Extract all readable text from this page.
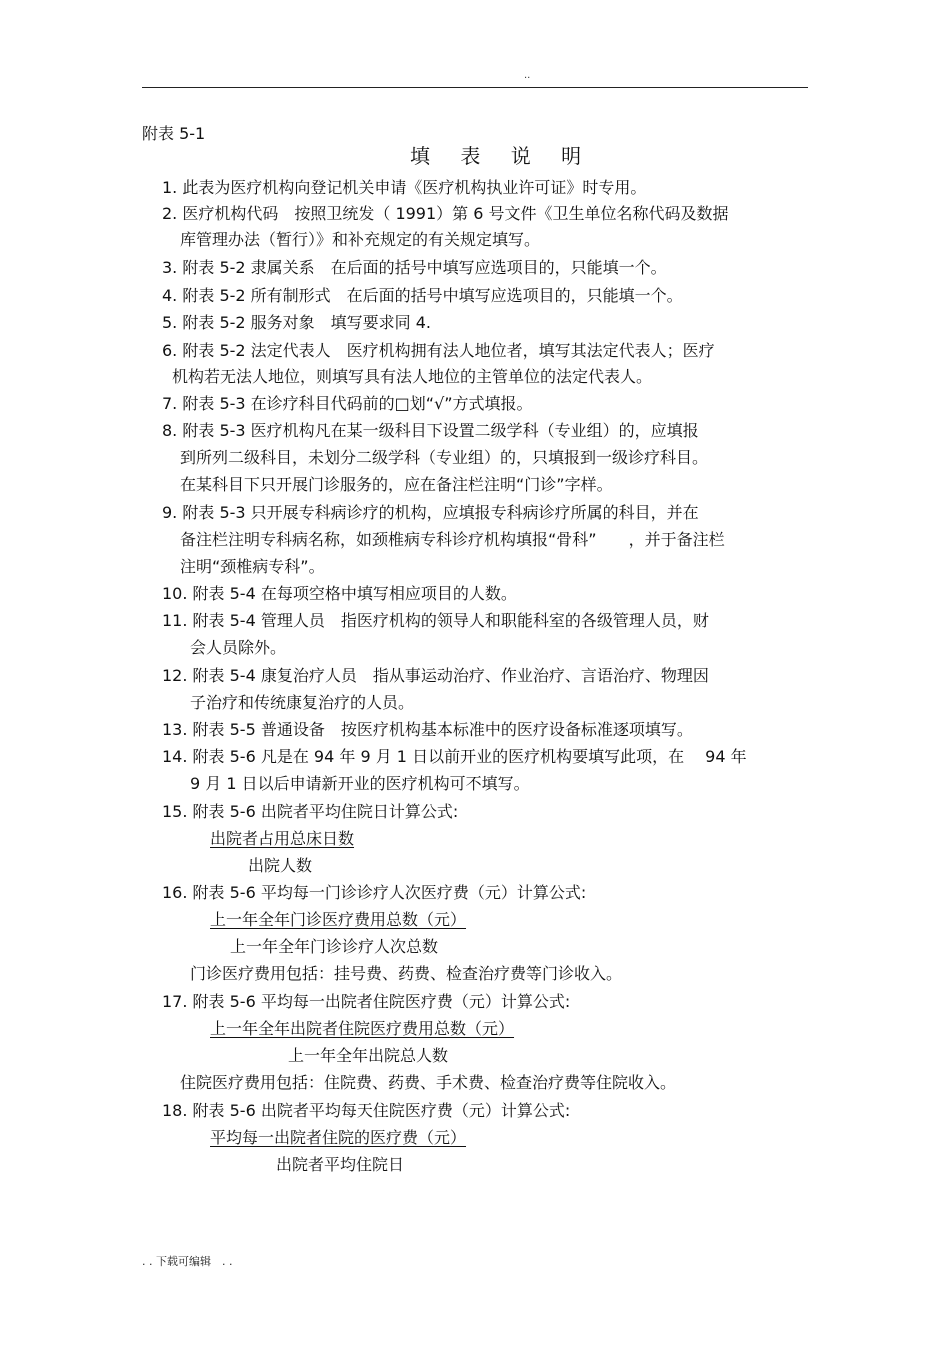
..
附表 5-1
填 表 说 明
1. 此表为医疗机构向登记机关申请《医疗机构执业许可证》时专用。
2. 医疗机构代码　按照卫统发（ 1991）第 6 号文件《卫生单位名称代码及数据
库管理办法（暂行）》和补充规定的有关规定填写。
3. 附表 5-2 隶属关系　在后面的括号中填写应选项目的，只能填一个。
4. 附表 5-2 所有制形式　在后面的括号中填写应选项目的，只能填一个。
5. 附表 5-2 服务对象　填写要求同 4.
6. 附表 5-2 法定代表人　医疗机构拥有法人地位者，填写其法定代表人；医疗
机构若无法人地位，则填写具有法人地位的主管单位的法定代表人。
7. 附表 5-3 在诊疗科目代码前的□划“√”方式填报。
8. 附表 5-3 医疗机构凡在某一级科目下设置二级学科（专业组）的，应填报
到所列二级科目，未划分二级学科（专业组）的，只填报到一级诊疗科目。
在某科目下只开展门诊服务的，应在备注栏注明“门诊”字样。
9. 附表 5-3 只开展专科病诊疗的机构，应填报专科病诊疗所属的科目，并在
备注栏注明专科病名称，如颈椎病专科诊疗机构填报“骨科”　　，并于备注栏
注明“颈椎病专科”。
10. 附表 5-4 在每项空格中填写相应项目的人数。
11. 附表 5-4 管理人员　指医疗机构的领导人和职能科室的各级管理人员，财
会人员除外。
12. 附表 5-4 康复治疗人员　指从事运动治疗、作业治疗、言语治疗、物理因
子治疗和传统康复治疗的人员。
13. 附表 5-5 普通设备　按医疗机构基本标准中的医疗设备标准逐项填写。
14. 附表 5-6 凡是在 94 年 9 月 1 日以前开业的医疗机构要填写此项，在　 94 年
9 月 1 日以后申请新开业的医疗机构可不填写。
15. 附表 5-6 出院者平均住院日计算公式:
出院者占用总床日数
出院人数
16. 附表 5-6 平均每一门诊诊疗人次医疗费（元）计算公式:
上一年全年门诊医疗费用总数（元）
上一年全年门诊诊疗人次总数
门诊医疗费用包括：挂号费、药费、检查治疗费等门诊收入。
17. 附表 5-6 平均每一出院者住院医疗费（元）计算公式:
上一年全年出院者住院医疗费用总数（元）
上一年全年出院总人数
住院医疗费用包括：住院费、药费、手术费、检查治疗费等住院收入。
18. 附表 5-6 出院者平均每天住院医疗费（元）计算公式:
平均每一出院者住院的医疗费（元）
出院者平均住院日
. . 下载可编辑　. .
